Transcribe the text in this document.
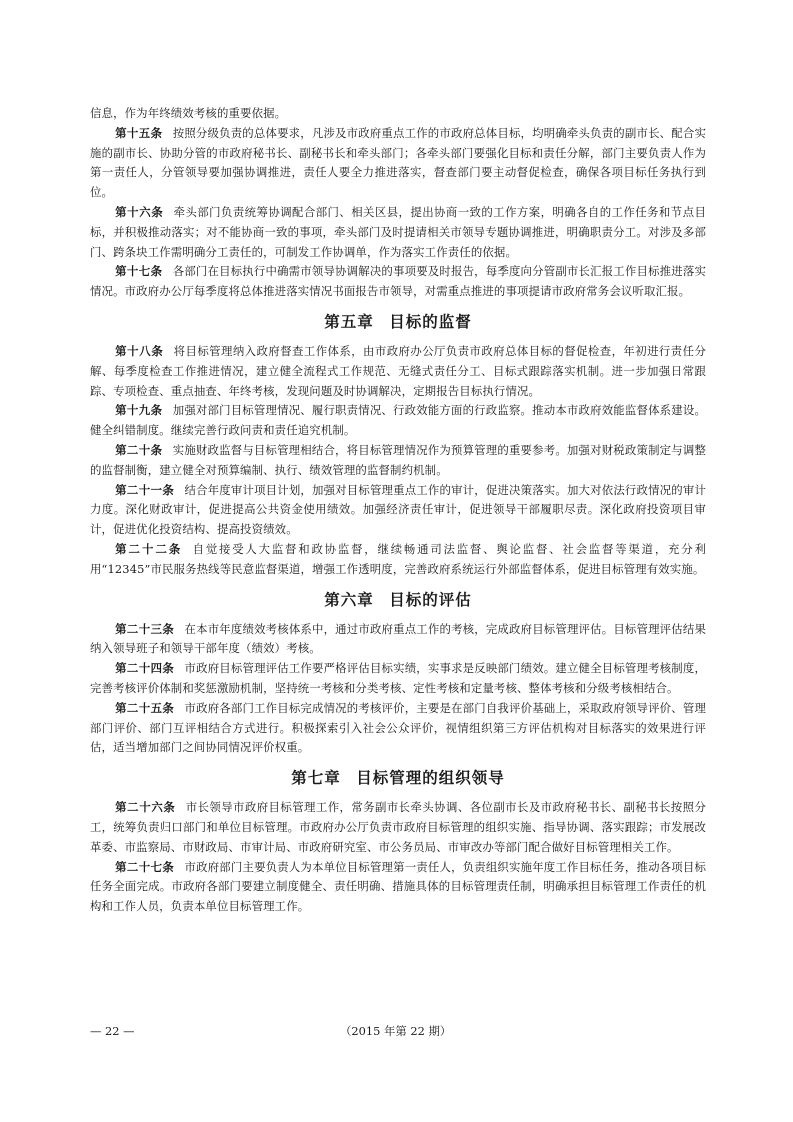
信息，作为年终绩效考核的重要依据。

第十五条 按照分级负责的总体要求，凡涉及市政府重点工作的市政府总体目标，均明确牵头负责的副市长、配合实施的副市长、协助分管的市政府秘书长、副秘书长和牵头部门；各牵头部门要强化目标和责任分解，部门主要负责人作为第一责任人，分管领导要加强协调推进，责任人要全力推进落实，督查部门要主动督促检查，确保各项目标任务执行到位。

第十六条 牵头部门负责统筹协调配合部门、相关区县，提出协商一致的工作方案，明确各自的工作任务和节点目标，并积极推动落实；对不能协商一致的事项，牵头部门及时提请相关市领导专题协调推进，明确职责分工。对涉及多部门、跨条块工作需明确分工责任的，可制发工作协调单，作为落实工作责任的依据。

第十七条 各部门在目标执行中确需市领导协调解决的事项要及时报告，每季度向分管副市长汇报工作目标推进落实情况。市政府办公厅每季度将总体推进落实情况书面报告市领导，对需重点推进的事项提请市政府常务会议听取汇报。

第五章 目标的监督

第十八条 将目标管理纳入政府督查工作体系，由市政府办公厅负责市政府总体目标的督促检查，年初进行责任分解、每季度检查工作推进情况，建立健全流程式工作规范、无缝式责任分工、目标式跟踪落实机制。进一步加强日常跟踪、专项检查、重点抽查、年终考核，发现问题及时协调解决，定期报告目标执行情况。

第十九条 加强对部门目标管理情况、履行职责情况、行政效能方面的行政监察。推动本市政府效能监督体系建设。健全纠错制度。继续完善行政问责和责任追究机制。

第二十条 实施财政监督与目标管理相结合，将目标管理情况作为预算管理的重要参考。加强对财税政策制定与调整的监督制衡，建立健全对预算编制、执行、绩效管理的监督制约机制。

第二十一条 结合年度审计项目计划，加强对目标管理重点工作的审计，促进决策落实。加大对依法行政情况的审计力度。深化财政审计，促进提高公共资金使用绩效。加强经济责任审计，促进领导干部履职尽责。深化政府投资项目审计，促进优化投资结构、提高投资绩效。

第二十二条 自觉接受人大监督和政协监督，继续畅通司法监督、舆论监督、社会监督等渠道，充分利用“12345”市民服务热线等民意监督渠道，增强工作透明度，完善政府系统运行外部监督体系，促进目标管理有效实施。

第六章 目标的评估

第二十三条 在本市年度绩效考核体系中，通过市政府重点工作的考核，完成政府目标管理评估。目标管理评估结果纳入领导班子和领导干部年度（绩效）考核。

第二十四条 市政府目标管理评估工作要严格评估目标实绩，实事求是反映部门绩效。建立健全目标管理考核制度，完善考核评价体制和奖惩激励机制，坚持统一考核和分类考核、定性考核和定量考核、整体考核和分级考核相结合。

第二十五条 市政府各部门工作目标完成情况的考核评价，主要是在部门自我评价基础上，采取政府领导评价、管理部门评价、部门互评相结合方式进行。积极探索引入社会公众评价，视情组织第三方评估机构对目标落实的效果进行评估，适当增加部门之间协同情况评价权重。

第七章 目标管理的组织领导

第二十六条 市长领导市政府目标管理工作，常务副市长牵头协调、各位副市长及市政府秘书长、副秘书长按照分工，统筹负责归口部门和单位目标管理。市政府办公厅负责市政府目标管理的组织实施、指导协调、落实跟踪；市发展改革委、市监察局、市财政局、市审计局、市政府研究室、市公务员局、市审改办等部门配合做好目标管理相关工作。

第二十七条 市政府部门主要负责人为本单位目标管理第一责任人，负责组织实施年度工作目标任务，推动各项目标任务全面完成。市政府各部门要建立制度健全、责任明确、措施具体的目标管理责任制，明确承担目标管理工作责任的机构和工作人员，负责本单位目标管理工作。

— 22 —	（2015 年第 22 期）
